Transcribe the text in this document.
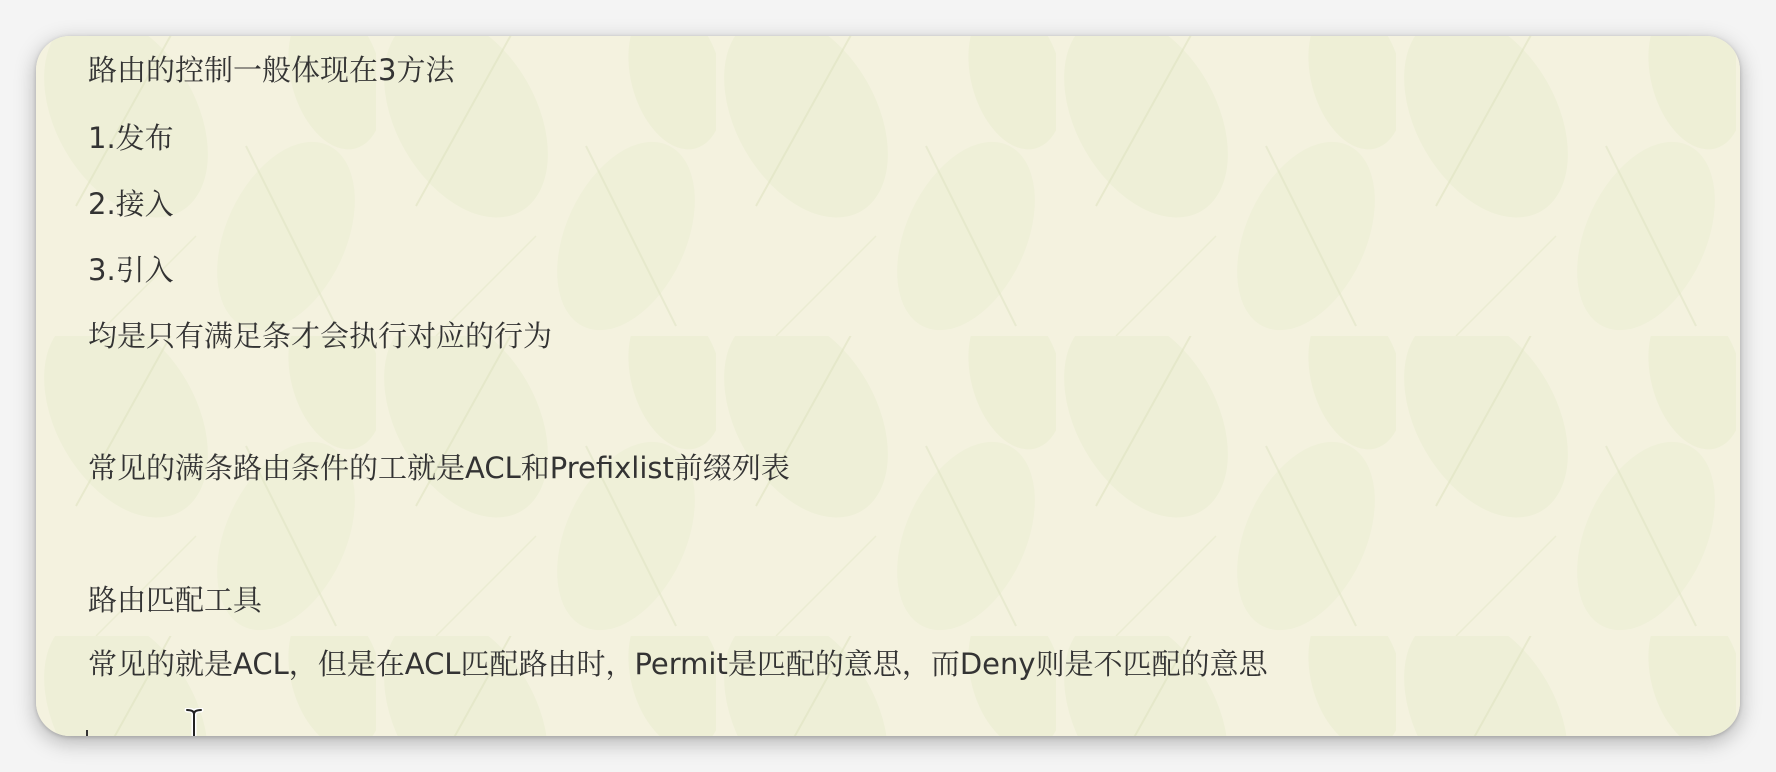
路由的控制一般体现在3方法
1.发布
2.接入
3.引入
均是只有满足条才会执行对应的行为
常见的满条路由条件的工就是ACL和Prefixlist前缀列表
路由匹配工具
常见的就是ACL，但是在ACL匹配路由时，Permit是匹配的意思，而Deny则是不匹配的意思
